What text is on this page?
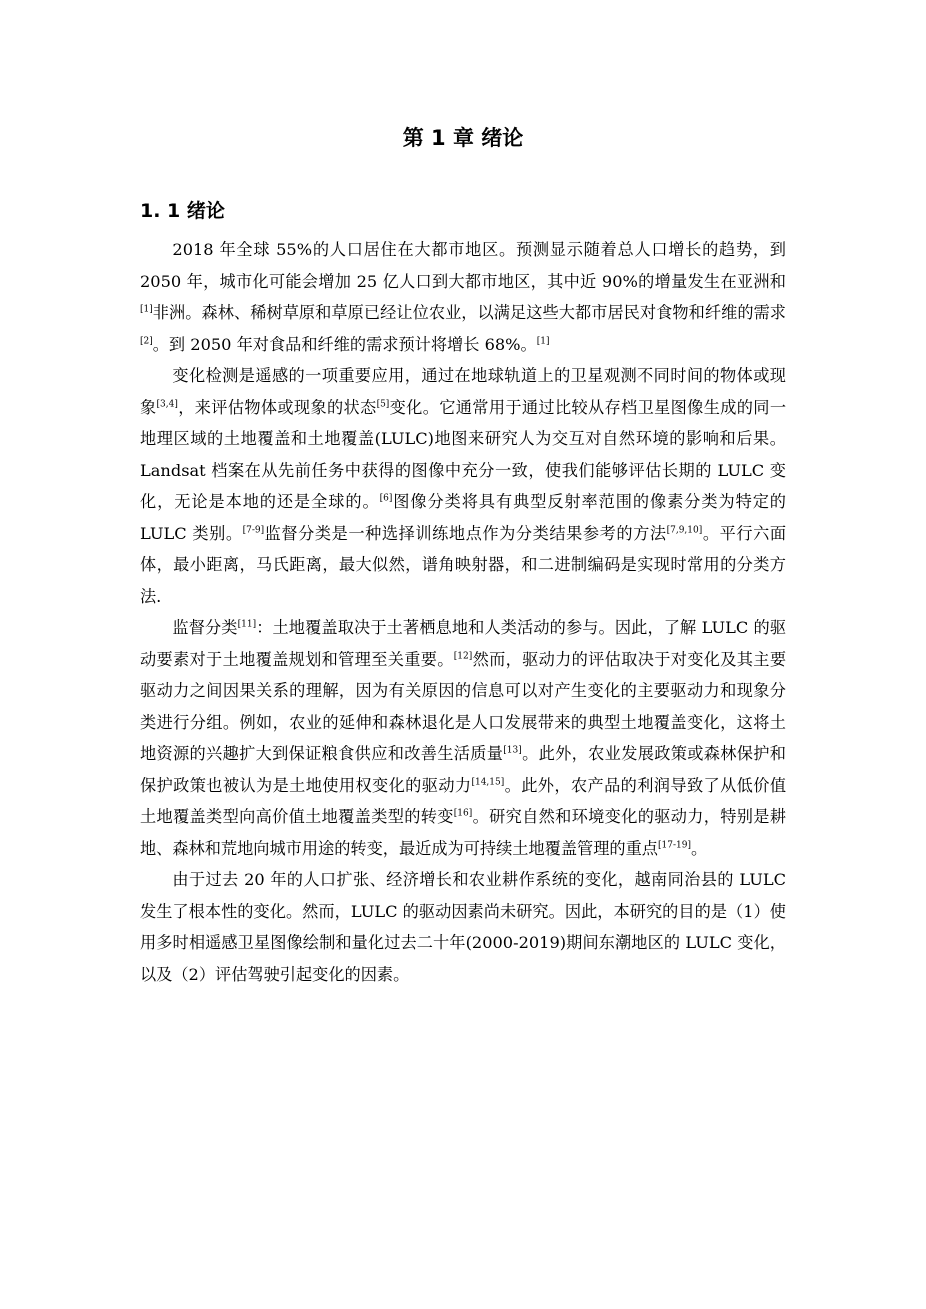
第 1 章 绪论
1. 1 绪论

2018 年全球 55%的人口居住在大都市地区。预测显示随着总人口增长的趋势，到 2050 年，城市化可能会增加 25 亿人口到大都市地区，其中近 90%的增量发生在亚洲和[1]非洲。森林、稀树草原和草原已经让位农业，以满足这些大都市居民对食物和纤维的需求[2]。到 2050 年对食品和纤维的需求预计将增长 68%。[1]

变化检测是遥感的一项重要应用，通过在地球轨道上的卫星观测不同时间的物体或现象[3,4]，来评估物体或现象的状态[5]变化。它通常用于通过比较从存档卫星图像生成的同一地理区域的土地覆盖和土地覆盖(LULC)地图来研究人为交互对自然环境的影响和后果。Landsat 档案在从先前任务中获得的图像中充分一致，使我们能够评估长期的 LULC 变化，无论是本地的还是全球的。[6]图像分类将具有典型反射率范围的像素分类为特定的 LULC 类别。[7-9]监督分类是一种选择训练地点作为分类结果参考的方法[7,9,10]。平行六面体，最小距离，马氏距离，最大似然，谱角映射器，和二进制编码是实现时常用的分类方法.

监督分类[11]：土地覆盖取决于土著栖息地和人类活动的参与。因此，了解 LULC 的驱动要素对于土地覆盖规划和管理至关重要。[12]然而，驱动力的评估取决于对变化及其主要驱动力之间因果关系的理解，因为有关原因的信息可以对产生变化的主要驱动力和现象分类进行分组。例如，农业的延伸和森林退化是人口发展带来的典型土地覆盖变化，这将土地资源的兴趣扩大到保证粮食供应和改善生活质量[13]。此外，农业发展政策或森林保护和保护政策也被认为是土地使用权变化的驱动力[14,15]。此外，农产品的利润导致了从低价值土地覆盖类型向高价值土地覆盖类型的转变[16]。研究自然和环境变化的驱动力，特别是耕地、森林和荒地向城市用途的转变，最近成为可持续土地覆盖管理的重点[17-19]。

由于过去 20 年的人口扩张、经济增长和农业耕作系统的变化，越南同治县的 LULC 发生了根本性的变化。然而，LULC 的驱动因素尚未研究。因此，本研究的目的是（1）使用多时相遥感卫星图像绘制和量化过去二十年(2000-2019)期间东潮地区的 LULC 变化，以及（2）评估驾驶引起变化的因素。
